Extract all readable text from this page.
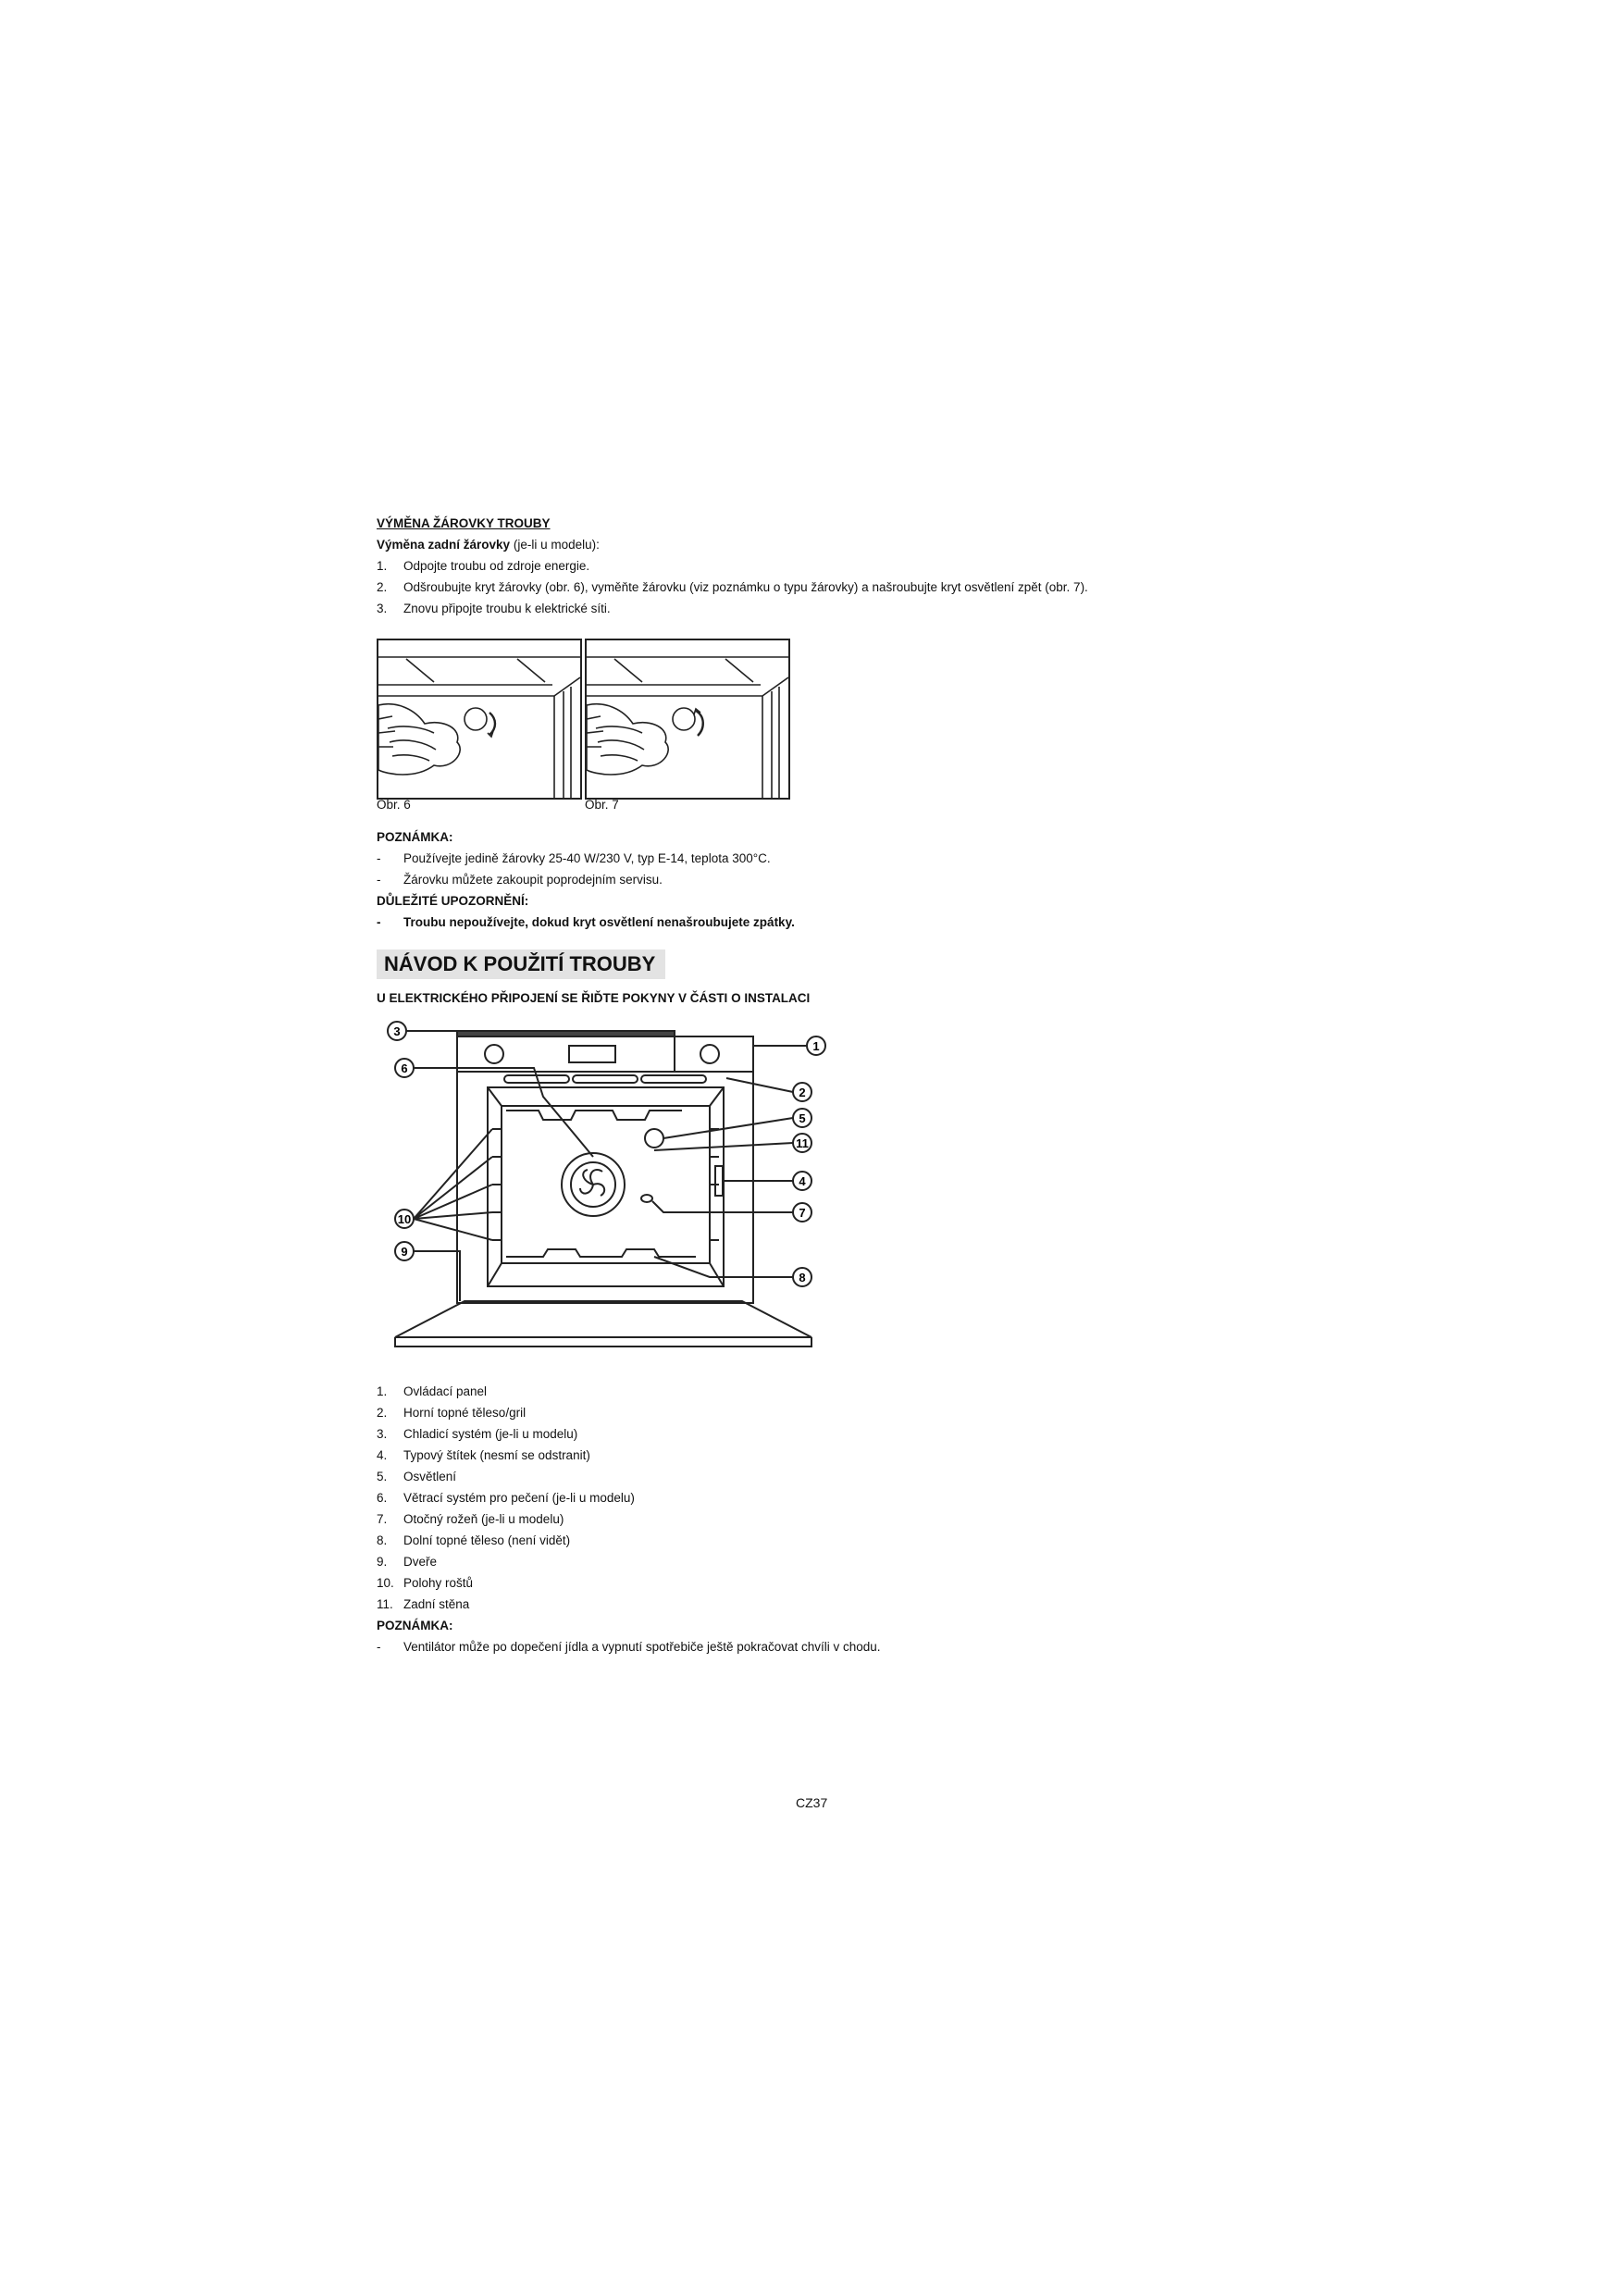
VÝMĚNA ŽÁROVKY TROUBY
Výměna zadní žárovky (je-li u modelu):
1. Odpojte troubu od zdroje energie.
2. Odšroubujte kryt žárovky (obr. 6), vyměňte žárovku (viz poznámku o typu žárovky) a našroubujte kryt osvětlení zpět (obr. 7).
3. Znovu připojte troubu k elektrické síti.
Obr. 6	Obr. 7
POZNÁMKA:
- Používejte jedině žárovky 25-40 W/230 V, typ E-14, teplota 300°C.
- Žárovku můžete zakoupit poprodejním servisu.
DŮLEŽITÉ UPOZORNĚNÍ:
- Troubu nepoužívejte, dokud kryt osvětlení nenašroubujete zpátky.
NÁVOD K POUŽITÍ TROUBY
U ELEKTRICKÉHO PŘIPOJENÍ SE ŘIĎTE POKYNY V ČÁSTI O INSTALACI
3
1
6
2
5
11
4
7
10
9
8
1. Ovládací panel
2. Horní topné těleso/gril
3. Chladicí systém (je-li u modelu)
4. Typový štítek (nesmí se odstranit)
5. Osvětlení
6. Větrací systém pro pečení (je-li u modelu)
7. Otočný rožeň (je-li u modelu)
8. Dolní topné těleso (není vidět)
9. Dveře
10. Polohy roštů
11. Zadní stěna
POZNÁMKA:
- Ventilátor může po dopečení jídla a vypnutí spotřebiče ještě pokračovat chvíli v chodu.
CZ37
